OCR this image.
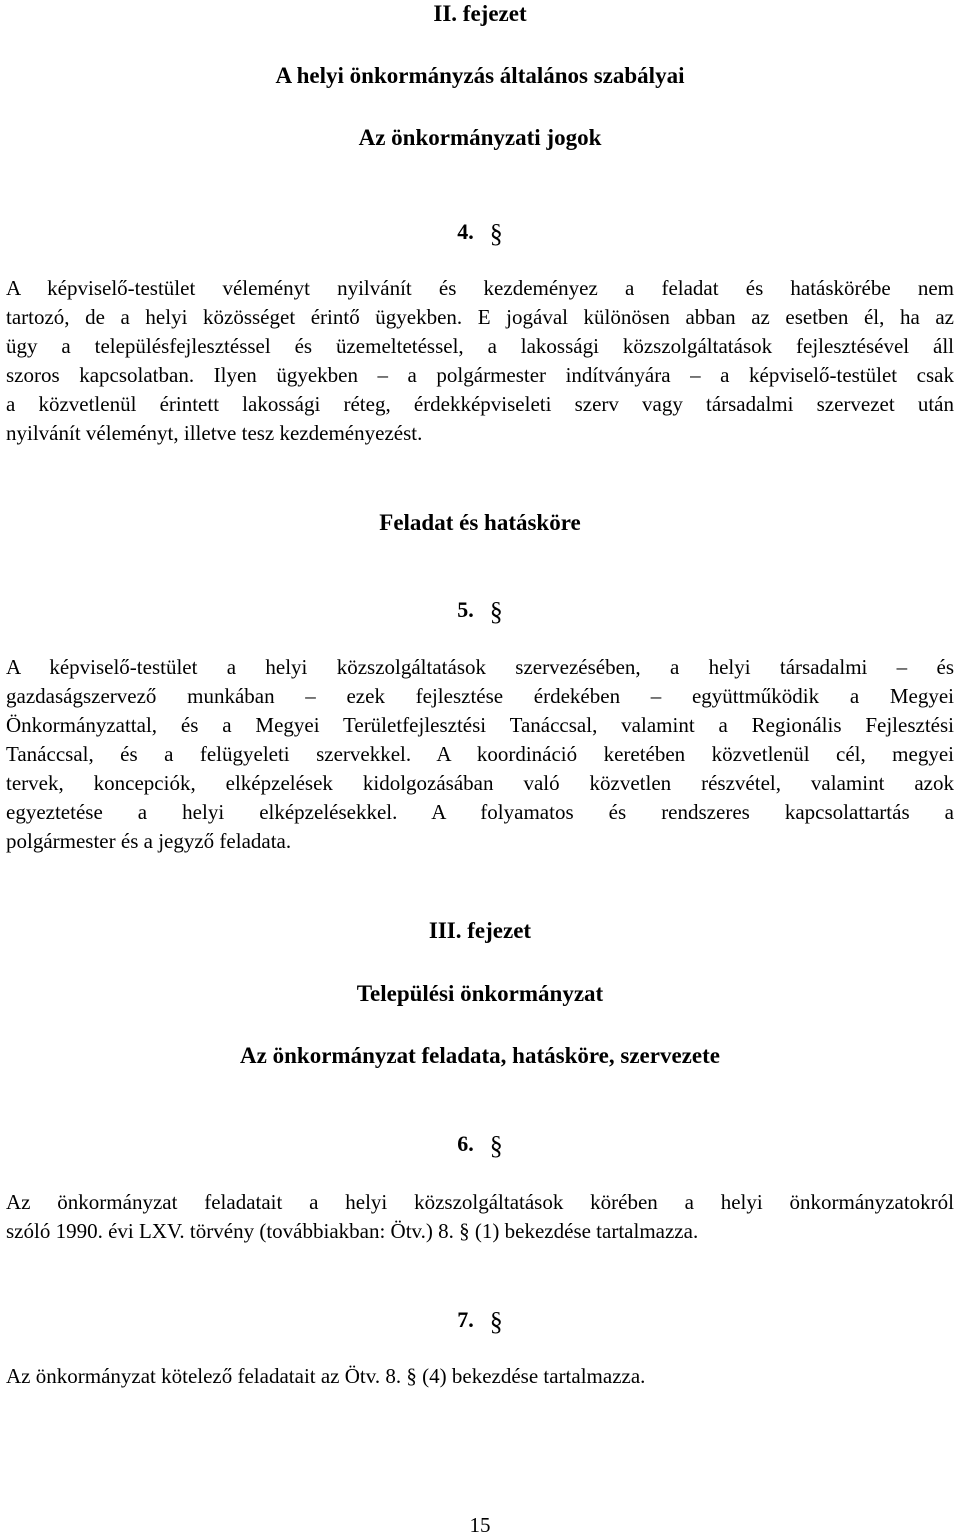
II. fejezet
A helyi önkormányzás általános szabályai
Az önkormányzati jogok
4. §
A képviselő-testület véleményt nyilvánít és kezdeményez a feladat és hatáskörébe nem
tartozó, de a helyi közösséget érintő ügyekben. E jogával különösen abban az esetben él, ha az
ügy a településfejlesztéssel és üzemeltetéssel, a lakossági közszolgáltatások fejlesztésével áll
szoros kapcsolatban. Ilyen ügyekben – a polgármester indítványára – a képviselő-testület csak
a közvetlenül érintett lakossági réteg, érdekképviseleti szerv vagy társadalmi szervezet után
nyilvánít véleményt, illetve tesz kezdeményezést.
Feladat és hatásköre
5. §
A képviselő-testület a helyi közszolgáltatások szervezésében, a helyi társadalmi – és
gazdaságszervező munkában – ezek fejlesztése érdekében – együttműködik a Megyei
Önkormányzattal, és a Megyei Területfejlesztési Tanáccsal, valamint a Regionális Fejlesztési
Tanáccsal, és a felügyeleti szervekkel. A koordináció keretében közvetlenül cél, megyei
tervek, koncepciók, elképzelések kidolgozásában való közvetlen részvétel, valamint azok
egyeztetése a helyi elképzelésekkel. A folyamatos és rendszeres kapcsolattartás a
polgármester és a jegyző feladata.
III. fejezet
Települési önkormányzat
Az önkormányzat feladata, hatásköre, szervezete
6. §
Az önkormányzat feladatait a helyi közszolgáltatások körében a helyi önkormányzatokról
szóló 1990. évi LXV. törvény (továbbiakban: Ötv.) 8. § (1) bekezdése tartalmazza.
7. §
Az önkormányzat kötelező feladatait az Ötv. 8. § (4) bekezdése tartalmazza.
15
